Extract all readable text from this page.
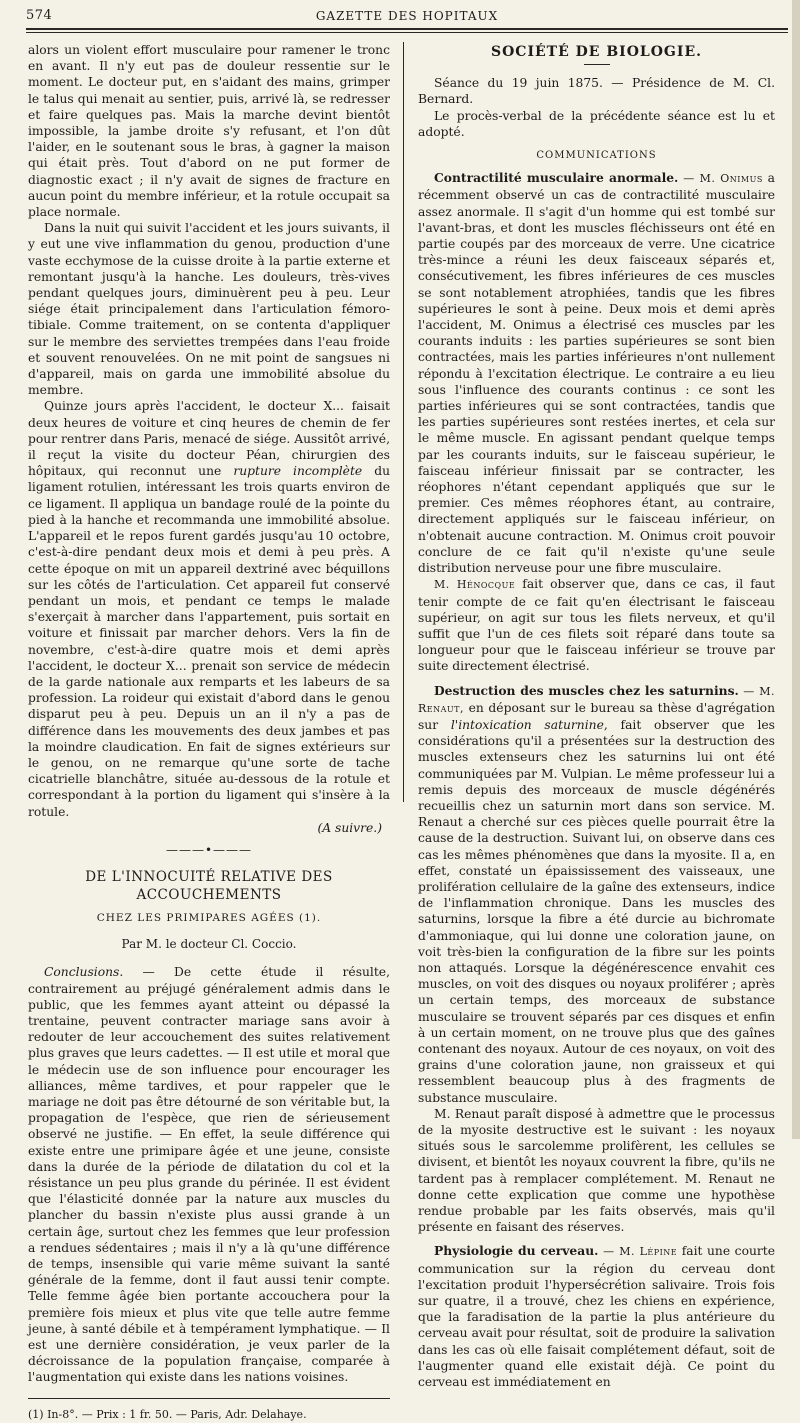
574	GAZETTE DES HOPITAUX

alors un violent effort musculaire pour ramener le tronc en avant. Il n'y eut pas de douleur ressentie sur le moment. Le docteur put, en s'aidant des mains, grimper le talus qui menait au sentier, puis, arrivé là, se redresser et faire quelques pas. Mais la marche devint bientôt impossible, la jambe droite s'y refusant, et l'on dût l'aider, en le soutenant sous le bras, à gagner la maison qui était près. Tout d'abord on ne put former de diagnostic exact ; il n'y avait de signes de fracture en aucun point du membre inférieur, et la rotule occupait sa place normale.

Dans la nuit qui suivit l'accident et les jours suivants, il y eut une vive inflammation du genou, production d'une vaste ecchymose de la cuisse droite à la partie externe et remontant jusqu'à la hanche. Les douleurs, très-vives pendant quelques jours, diminuèrent peu à peu. Leur siége était principalement dans l'articulation fémoro-tibiale. Comme traitement, on se contenta d'appliquer sur le membre des serviettes trempées dans l'eau froide et souvent renouvelées. On ne mit point de sangsues ni d'appareil, mais on garda une immobilité absolue du membre.

Quinze jours après l'accident, le docteur X... faisait deux heures de voiture et cinq heures de chemin de fer pour rentrer dans Paris, menacé de siége. Aussitôt arrivé, il reçut la visite du docteur Péan, chirurgien des hôpitaux, qui reconnut une rupture incomplète du ligament rotulien, intéressant les trois quarts environ de ce ligament. Il appliqua un bandage roulé de la pointe du pied à la hanche et recommanda une immobilité absolue. L'appareil et le repos furent gardés jusqu'au 10 octobre, c'est-à-dire pendant deux mois et demi à peu près. A cette époque on mit un appareil dextriné avec béquillons sur les côtés de l'articulation. Cet appareil fut conservé pendant un mois, et pendant ce temps le malade s'exerçait à marcher dans l'appartement, puis sortait en voiture et finissait par marcher dehors. Vers la fin de novembre, c'est-à-dire quatre mois et demi après l'accident, le docteur X... prenait son service de médecin de la garde nationale aux remparts et les labeurs de sa profession. La roideur qui existait d'abord dans le genou disparut peu à peu. Depuis un an il n'y a pas de différence dans les mouvements des deux jambes et pas la moindre claudication. En fait de signes extérieurs sur le genou, on ne remarque qu'une sorte de tache cicatrielle blanchâtre, située au-dessous de la rotule et correspondant à la portion du ligament qui s'insère à la rotule.

(A suivre.)

———•———

DE L'INNOCUITÉ RELATIVE DES ACCOUCHEMENTS

CHEZ LES PRIMIPARES AGÉES (1).

Par M. le docteur Cl. Coccio.

Conclusions. — De cette étude il résulte, contrairement au préjugé généralement admis dans le public, que les femmes ayant atteint ou dépassé la trentaine, peuvent contracter mariage sans avoir à redouter de leur accouchement des suites relativement plus graves que leurs cadettes. — Il est utile et moral que le médecin use de son influence pour encourager les alliances, même tardives, et pour rappeler que le mariage ne doit pas être détourné de son véritable but, la propagation de l'espèce, que rien de sérieusement observé ne justifie. — En effet, la seule différence qui existe entre une primipare âgée et une jeune, consiste dans la durée de la période de dilatation du col et la résistance un peu plus grande du périnée. Il est évident que l'élasticité donnée par la nature aux muscles du plancher du bassin n'existe plus aussi grande à un certain âge, surtout chez les femmes que leur profession a rendues sédentaires ; mais il n'y a là qu'une différence de temps, insensible qui varie même suivant la santé générale de la femme, dont il faut aussi tenir compte. Telle femme âgée bien portante accouchera pour la première fois mieux et plus vite que telle autre femme jeune, à santé débile et à tempérament lymphatique. — Il est une dernière considération, je veux parler de la décroissance de la population française, comparée à l'augmentation qui existe dans les nations voisines.

(1) In-8°. — Prix : 1 fr. 50. — Paris, Adr. Delahaye.

SOCIÉTÉ DE BIOLOGIE.

Séance du 19 juin 1875. — Présidence de M. Cl. Bernard.

Le procès-verbal de la précédente séance est lu et adopté.

COMMUNICATIONS

Contractilité musculaire anormale. — M. Onimus a récemment observé un cas de contractilité musculaire assez anormale. Il s'agit d'un homme qui est tombé sur l'avant-bras, et dont les muscles fléchisseurs ont été en partie coupés par des morceaux de verre. Une cicatrice très-mince a réuni les deux faisceaux séparés et, consécutivement, les fibres inférieures de ces muscles se sont notablement atrophiées, tandis que les fibres supérieures le sont à peine. Deux mois et demi après l'accident, M. Onimus a électrisé ces muscles par les courants induits : les parties supérieures se sont bien contractées, mais les parties inférieures n'ont nullement répondu à l'excitation électrique. Le contraire a eu lieu sous l'influence des courants continus : ce sont les parties inférieures qui se sont contractées, tandis que les parties supérieures sont restées inertes, et cela sur le même muscle. En agissant pendant quelque temps par les courants induits, sur le faisceau supérieur, le faisceau inférieur finissait par se contracter, les réophores n'étant cependant appliqués que sur le premier. Ces mêmes réophores étant, au contraire, directement appliqués sur le faisceau inférieur, on n'obtenait aucune contraction. M. Onimus croit pouvoir conclure de ce fait qu'il n'existe qu'une seule distribution nerveuse pour une fibre musculaire.

M. Hénocque fait observer que, dans ce cas, il faut tenir compte de ce fait qu'en électrisant le faisceau supérieur, on agit sur tous les filets nerveux, et qu'il suffit que l'un de ces filets soit réparé dans toute sa longueur pour que le faisceau inférieur se trouve par suite directement électrisé.

Destruction des muscles chez les saturnins. — M. Renaut, en déposant sur le bureau sa thèse d'agrégation sur l'intoxication saturnine, fait observer que les considérations qu'il a présentées sur la destruction des muscles extenseurs chez les saturnins lui ont été communiquées par M. Vulpian. Le même professeur lui a remis depuis des morceaux de muscle dégénérés recueillis chez un saturnin mort dans son service. M. Renaut a cherché sur ces pièces quelle pourrait être la cause de la destruction. Suivant lui, on observe dans ces cas les mêmes phénomènes que dans la myosite. Il a, en effet, constaté un épaississement des vaisseaux, une prolifération cellulaire de la gaîne des extenseurs, indice de l'inflammation chronique. Dans les muscles des saturnins, lorsque la fibre a été durcie au bichromate d'ammoniaque, qui lui donne une coloration jaune, on voit très-bien la configuration de la fibre sur les points non attaqués. Lorsque la dégénérescence envahit ces muscles, on voit des disques ou noyaux proliférer ; après un certain temps, des morceaux de substance musculaire se trouvent séparés par ces disques et enfin à un certain moment, on ne trouve plus que des gaînes contenant des noyaux. Autour de ces noyaux, on voit des grains d'une coloration jaune, non graisseux et qui ressemblent beaucoup plus à des fragments de substance musculaire.

M. Renaut paraît disposé à admettre que le processus de la myosite destructive est le suivant : les noyaux situés sous le sarcolemme prolifèrent, les cellules se divisent, et bientôt les noyaux couvrent la fibre, qu'ils ne tardent pas à remplacer complétement. M. Renaut ne donne cette explication que comme une hypothèse rendue probable par les faits observés, mais qu'il présente en faisant des réserves.

Physiologie du cerveau. — M. Lépine fait une courte communication sur la région du cerveau dont l'excitation produit l'hypersécrétion salivaire. Trois fois sur quatre, il a trouvé, chez les chiens en expérience, que la faradisation de la partie la plus antérieure du cerveau avait pour résultat, soit de produire la salivation dans les cas où elle faisait complétement défaut, soit de l'augmenter quand elle existait déjà. Ce point du cerveau est immédiatement en
